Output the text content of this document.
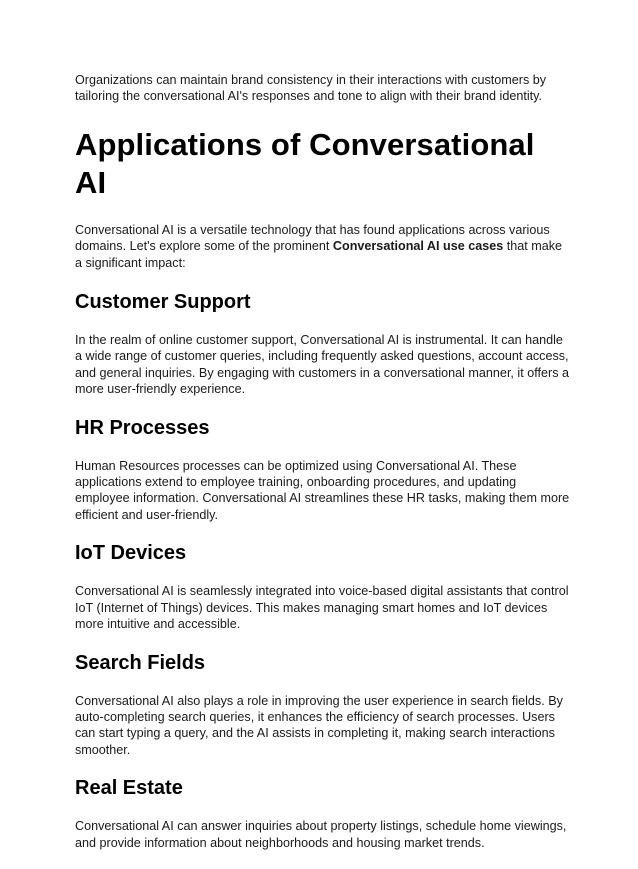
Organizations can maintain brand consistency in their interactions with customers by tailoring the conversational AI's responses and tone to align with their brand identity.

Applications of Conversational AI

Conversational AI is a versatile technology that has found applications across various domains. Let's explore some of the prominent Conversational AI use cases that make a significant impact:

Customer Support

In the realm of online customer support, Conversational AI is instrumental. It can handle a wide range of customer queries, including frequently asked questions, account access, and general inquiries. By engaging with customers in a conversational manner, it offers a more user-friendly experience.

HR Processes

Human Resources processes can be optimized using Conversational AI. These applications extend to employee training, onboarding procedures, and updating employee information. Conversational AI streamlines these HR tasks, making them more efficient and user-friendly.

IoT Devices

Conversational AI is seamlessly integrated into voice-based digital assistants that control IoT (Internet of Things) devices. This makes managing smart homes and IoT devices more intuitive and accessible.

Search Fields

Conversational AI also plays a role in improving the user experience in search fields. By auto-completing search queries, it enhances the efficiency of search processes. Users can start typing a query, and the AI assists in completing it, making search interactions smoother.

Real Estate

Conversational AI can answer inquiries about property listings, schedule home viewings, and provide information about neighborhoods and housing market trends.
